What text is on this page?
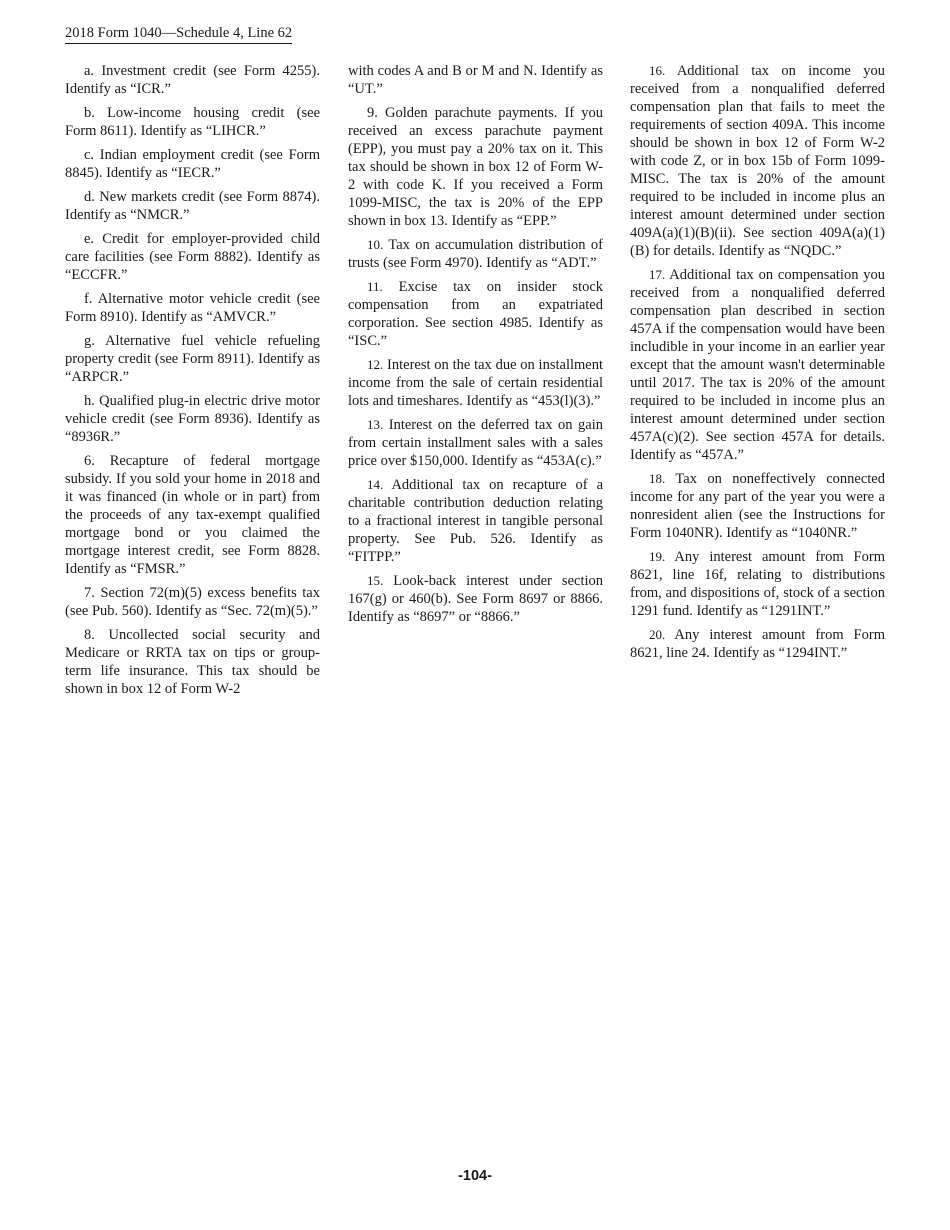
2018 Form 1040—Schedule 4, Line 62

a. Investment credit (see Form 4255). Identify as “ICR.”

b. Low-income housing credit (see Form 8611). Identify as “LIHCR.”

c. Indian employment credit (see Form 8845). Identify as “IECR.”

d. New markets credit (see Form 8874). Identify as “NMCR.”

e. Credit for employer-provided child care facilities (see Form 8882). Identify as “ECCFR.”

f. Alternative motor vehicle credit (see Form 8910). Identify as “AMVCR.”

g. Alternative fuel vehicle refueling property credit (see Form 8911). Identify as “ARPCR.”

h. Qualified plug-in electric drive motor vehicle credit (see Form 8936). Identify as “8936R.”

6. Recapture of federal mortgage subsidy. If you sold your home in 2018 and it was financed (in whole or in part) from the proceeds of any tax-exempt qualified mortgage bond or you claimed the mortgage interest credit, see Form 8828. Identify as “FMSR.”

7. Section 72(m)(5) excess benefits tax (see Pub. 560). Identify as “Sec. 72(m)(5).”

8. Uncollected social security and Medicare or RRTA tax on tips or group-term life insurance. This tax should be shown in box 12 of Form W-2

with codes A and B or M and N. Identify as “UT.”

9. Golden parachute payments. If you received an excess parachute payment (EPP), you must pay a 20% tax on it. This tax should be shown in box 12 of Form W-2 with code K. If you received a Form 1099-MISC, the tax is 20% of the EPP shown in box 13. Identify as “EPP.”

10. Tax on accumulation distribution of trusts (see Form 4970). Identify as “ADT.”

11. Excise tax on insider stock compensation from an expatriated corporation. See section 4985. Identify as “ISC.”

12. Interest on the tax due on installment income from the sale of certain residential lots and timeshares. Identify as “453(l)(3).”

13. Interest on the deferred tax on gain from certain installment sales with a sales price over $150,000. Identify as “453A(c).”

14. Additional tax on recapture of a charitable contribution deduction relating to a fractional interest in tangible personal property. See Pub. 526. Identify as “FITPP.”

15. Look-back interest under section 167(g) or 460(b). See Form 8697 or 8866. Identify as “8697” or “8866.”

16. Additional tax on income you received from a nonqualified deferred compensation plan that fails to meet the requirements of section 409A. This income should be shown in box 12 of Form W-2 with code Z, or in box 15b of Form 1099-MISC. The tax is 20% of the amount required to be included in income plus an interest amount determined under section 409A(a)(1)(B)(ii). See section 409A(a)(1)(B) for details. Identify as “NQDC.”

17. Additional tax on compensation you received from a nonqualified deferred compensation plan described in section 457A if the compensation would have been includible in your income in an earlier year except that the amount wasn't determinable until 2017. The tax is 20% of the amount required to be included in income plus an interest amount determined under section 457A(c)(2). See section 457A for details. Identify as “457A.”

18. Tax on noneffectively connected income for any part of the year you were a nonresident alien (see the Instructions for Form 1040NR). Identify as “1040NR.”

19. Any interest amount from Form 8621, line 16f, relating to distributions from, and dispositions of, stock of a section 1291 fund. Identify as “1291INT.”

20. Any interest amount from Form 8621, line 24. Identify as “1294INT.”

-104-
